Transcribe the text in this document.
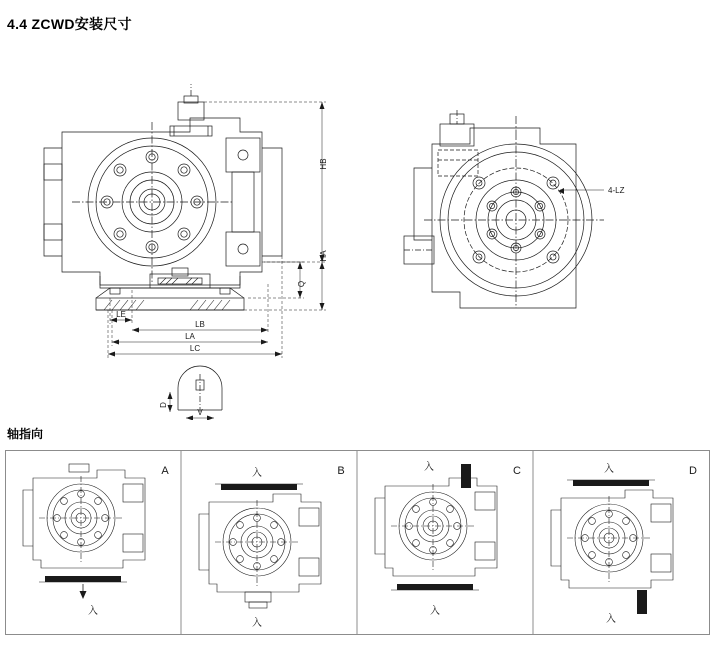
4.4 ZCWD安装尺寸
HB
HA
Q
LE
LB
LA
LC
D
V
4-LZ
轴指向
A
入
B
入
入
C
入
入
D
入
入
